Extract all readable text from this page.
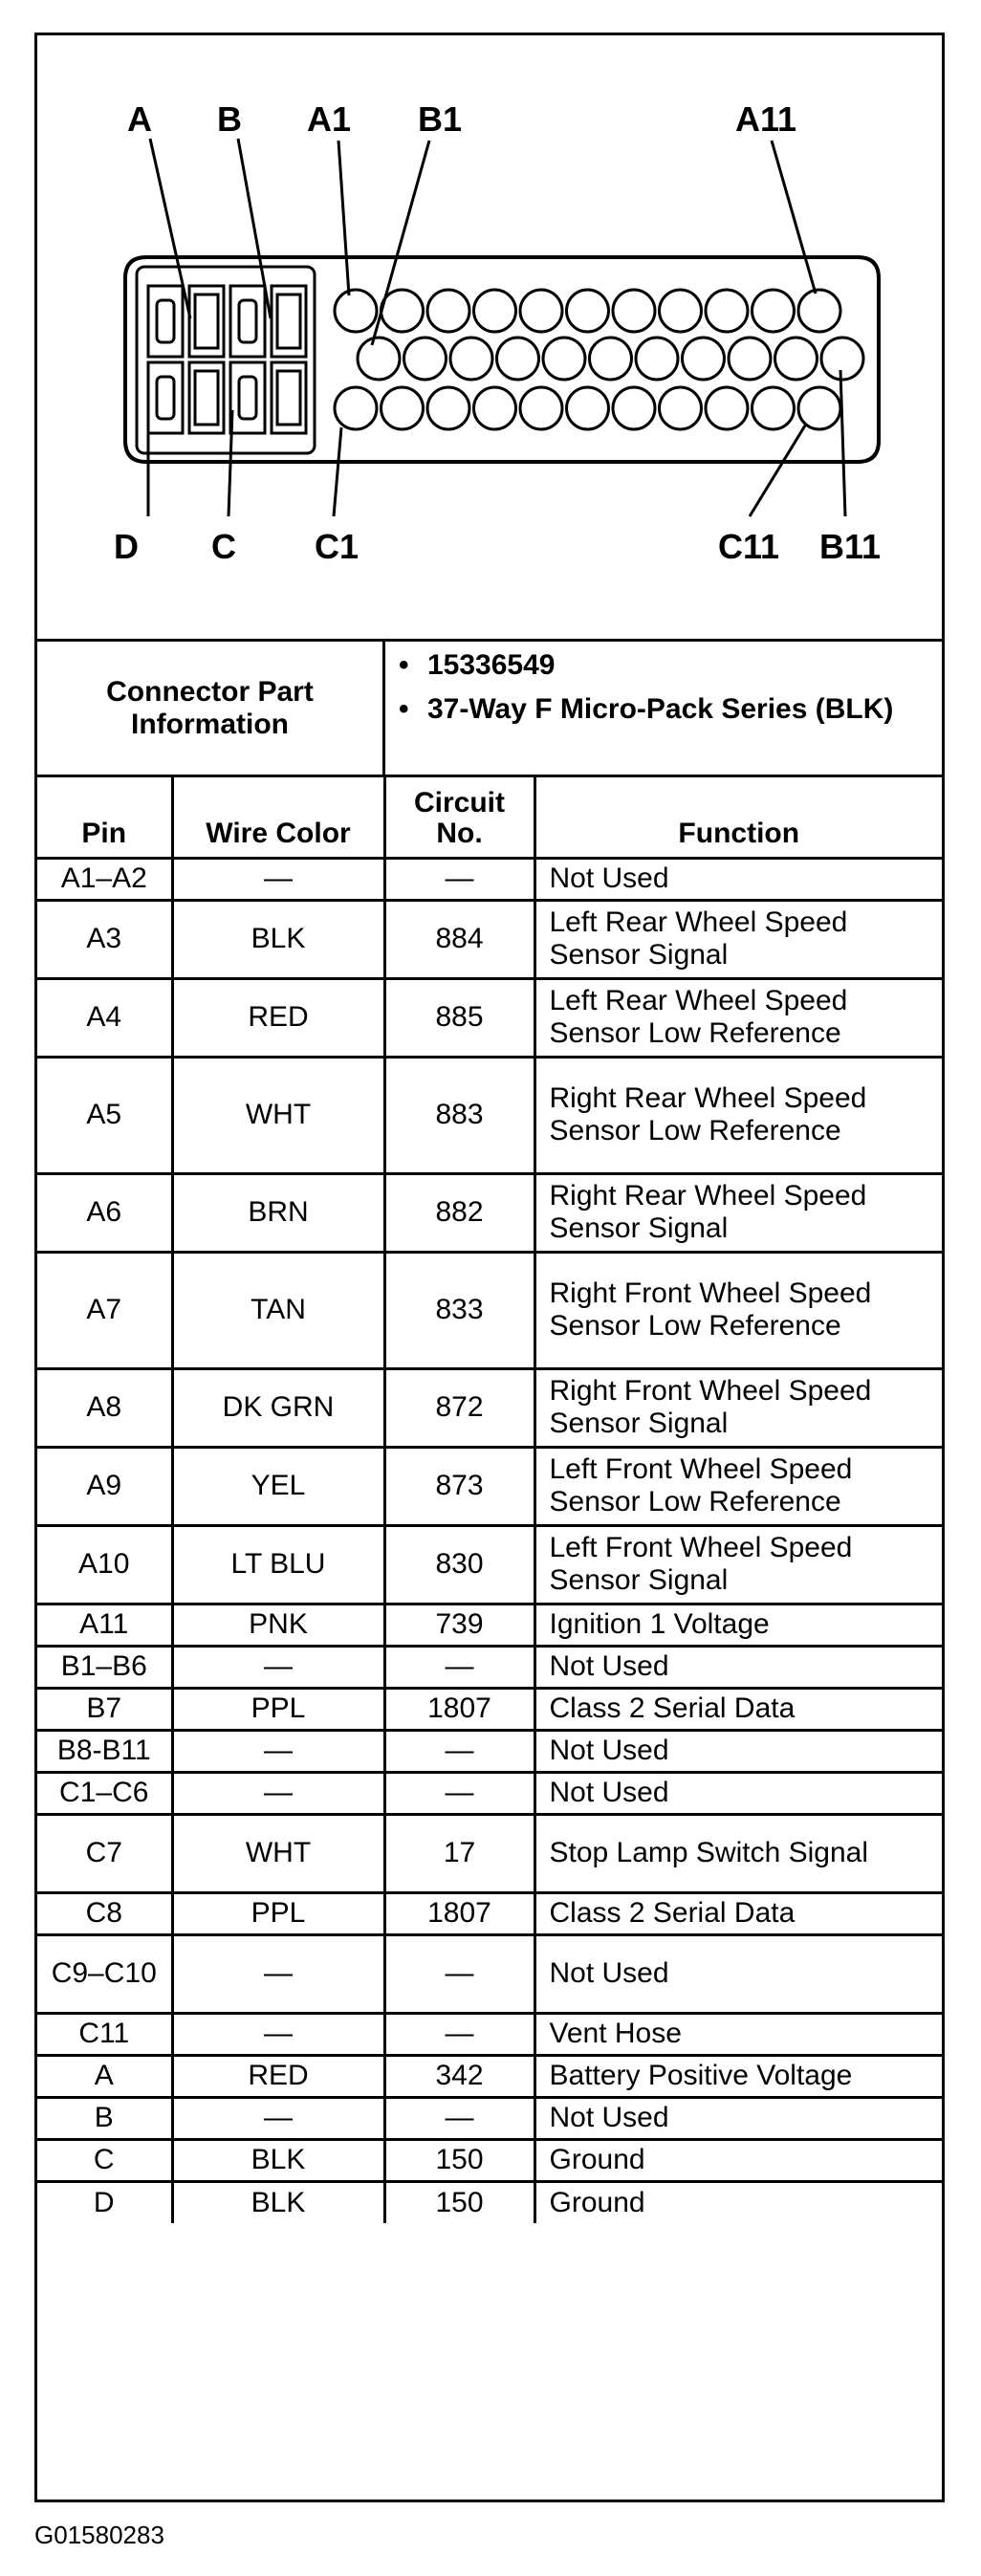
A B A1 B1	A11
D C C1	C11 B11
Connector Part Information
• 15336549
• 37-Way F Micro-Pack Series (BLK)
Pin	Wire Color	Circuit No.	Function
A1–A2	—	—	Not Used
A3	BLK	884	Left Rear Wheel Speed Sensor Signal
A4	RED	885	Left Rear Wheel Speed Sensor Low Reference
A5	WHT	883	Right Rear Wheel Speed Sensor Low Reference
A6	BRN	882	Right Rear Wheel Speed Sensor Signal
A7	TAN	833	Right Front Wheel Speed Sensor Low Reference
A8	DK GRN	872	Right Front Wheel Speed Sensor Signal
A9	YEL	873	Left Front Wheel Speed Sensor Low Reference
A10	LT BLU	830	Left Front Wheel Speed Sensor Signal
A11	PNK	739	Ignition 1 Voltage
B1–B6	—	—	Not Used
B7	PPL	1807	Class 2 Serial Data
B8-B11	—	—	Not Used
C1–C6	—	—	Not Used
C7	WHT	17	Stop Lamp Switch Signal
C8	PPL	1807	Class 2 Serial Data
C9–C10	—	—	Not Used
C11	—	—	Vent Hose
A	RED	342	Battery Positive Voltage
B	—	—	Not Used
C	BLK	150	Ground
D	BLK	150	Ground
G01580283
